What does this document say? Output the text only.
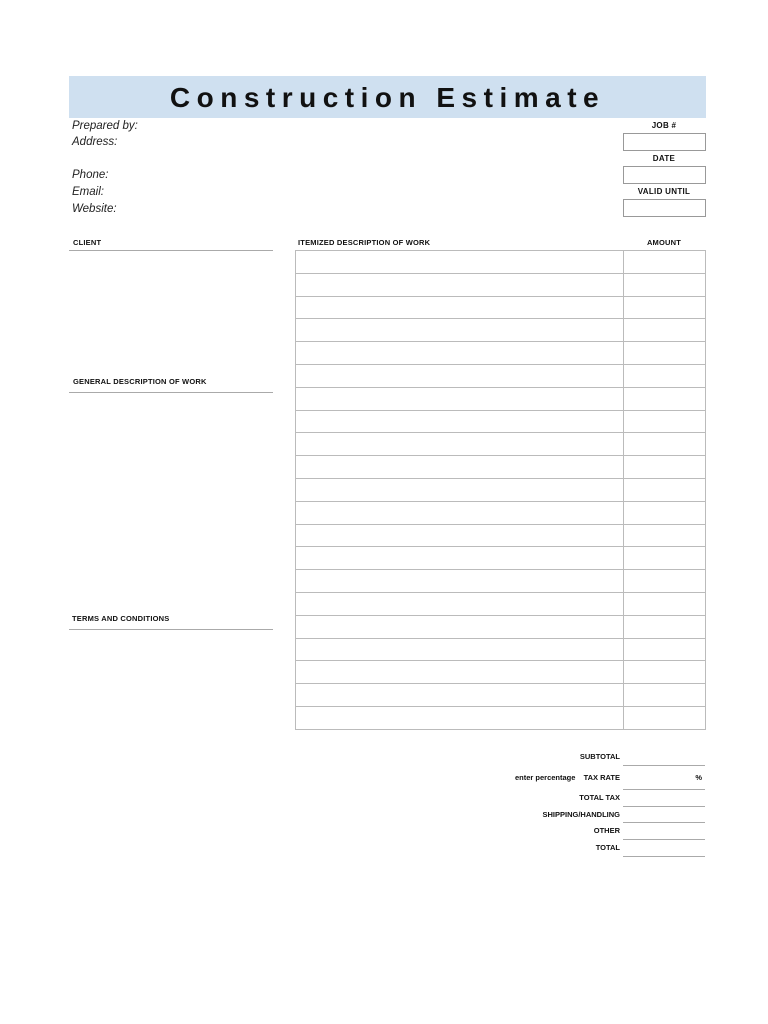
Construction Estimate
Prepared by:
Address:
Phone:
Email:
Website:
JOB #
DATE
VALID UNTIL
CLIENT
GENERAL DESCRIPTION OF WORK
TERMS AND CONDITIONS
ITEMIZED DESCRIPTION OF WORK	AMOUNT

SUBTOTAL
enter percentage TAX RATE	%
TOTAL TAX
SHIPPING/HANDLING
OTHER
TOTAL
